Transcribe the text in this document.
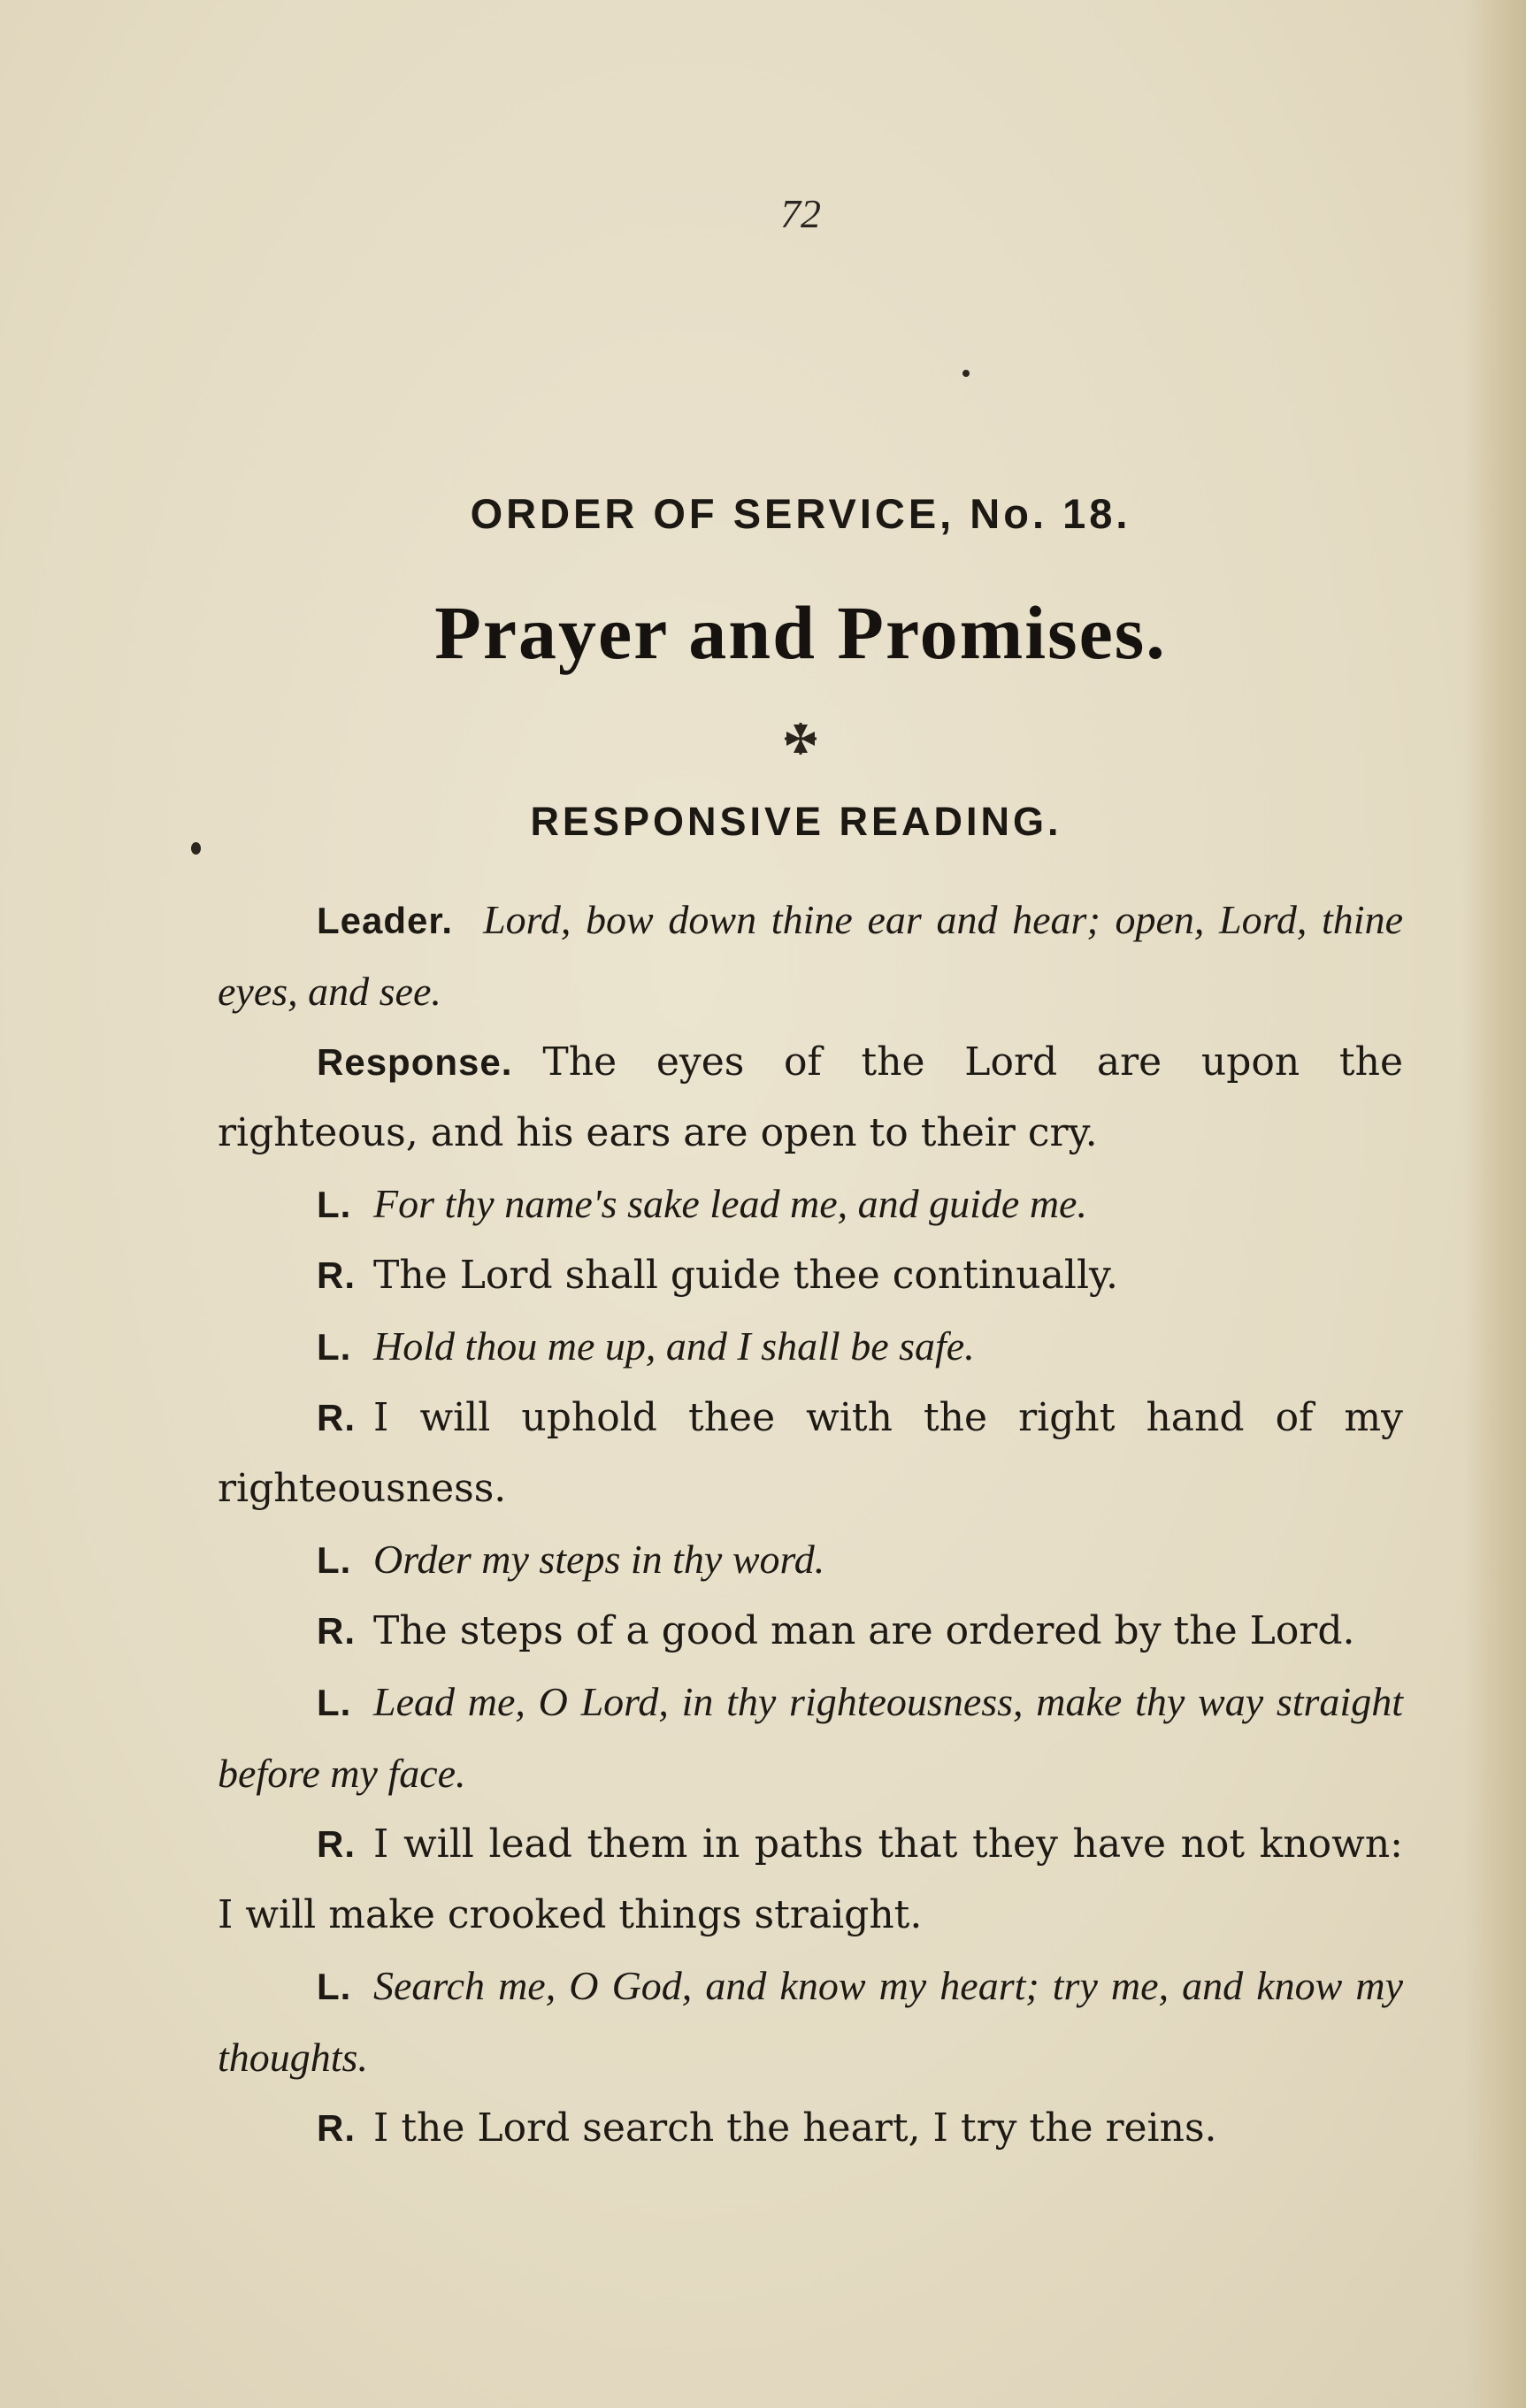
72
ORDER OF SERVICE, No. 18.
Prayer and Promises.
RESPONSIVE READING.

Leader. Lord, bow down thine ear and hear; open, Lord, thine eyes, and see.

Response. The eyes of the Lord are upon the righteous, and his ears are open to their cry.

L. For thy name's sake lead me, and guide me.

R. The Lord shall guide thee continually.

L. Hold thou me up, and I shall be safe.

R. I will uphold thee with the right hand of my righteousness.

L. Order my steps in thy word.

R. The steps of a good man are ordered by the Lord.

L. Lead me, O Lord, in thy righteousness, make thy way straight before my face.

R. I will lead them in paths that they have not known: I will make crooked things straight.

L. Search me, O God, and know my heart; try me, and know my thoughts.

R. I the Lord search the heart, I try the reins.
